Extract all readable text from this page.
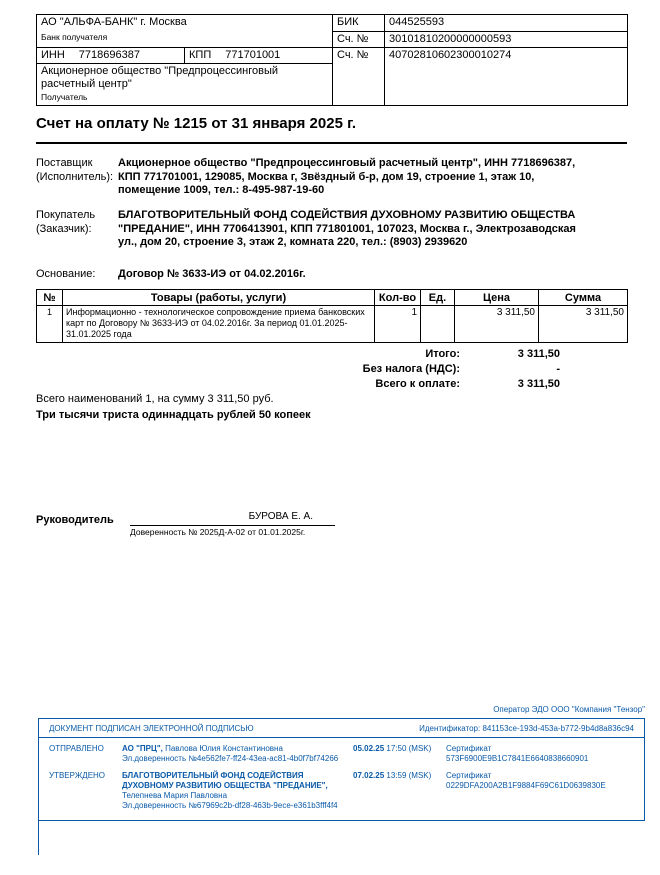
АО "АЛЬФА-БАНК" г. Москва		БИК	044525593
Банк получателя		Сч. №	30101810200000000593
ИНН 7718696387	КПП 771701001	Сч. №	40702810602300010274
Акционерное общество "Предпроцессинговый расчетный центр"			
Получатель			
Счет на оплату № 1215 от 31 января 2025 г.
Поставщик
(Исполнитель):
Акционерное общество "Предпроцессинговый расчетный центр", ИНН 7718696387, КПП 771701001, 129085, Москва г, Звёздный б-р, дом 19, строение 1, этаж 10, помещение 1009, тел.: 8-495-987-19-60
Покупатель
(Заказчик):
БЛАГОТВОРИТЕЛЬНЫЙ ФОНД СОДЕЙСТВИЯ ДУХОВНОМУ РАЗВИТИЮ ОБЩЕСТВА "ПРЕДАНИЕ", ИНН 7706413901, КПП 771801001, 107023, Москва г., Электрозаводская ул., дом 20, строение 3, этаж 2, комната 220, тел.: (8903) 2939620
Основание:	Договор № 3633-ИЭ от 04.02.2016г.
№	Товары (работы, услуги)	Кол-во	Ед.	Цена	Сумма
1	Информационно - технологическое сопровождение приема банковских карт по Договору № 3633-ИЭ от 04.02.2016г. За период 01.01.2025-31.01.2025 года	1		3 311,50	3 311,50
Итого:	3 311,50
Без налога (НДС):	-
Всего к оплате:	3 311,50
Всего наименований 1, на сумму 3 311,50 руб.
Три тысячи триста одиннадцать рублей 50 копеек
Руководитель	БУРОВА Е. А.
Доверенность № 2025Д-А-02 от 01.01.2025г.
Оператор ЭДО ООО "Компания "Тензор"
ДОКУМЕНТ ПОДПИСАН ЭЛЕКТРОННОЙ ПОДПИСЬЮ	Идентификатор: 841153ce-193d-453a-b772-9b4d8a836c94
ОТПРАВЛЕНО	АО "ПРЦ", Павлова Юлия Константиновна
Эл.доверенность №4e562fe7-ff24-43ea-ac81-4b0f7bf74266
05.02.25 17:50 (MSK)	Сертификат 573F6900E9B1C7841E6640838660901
УТВЕРЖДЕНО	БЛАГОТВОРИТЕЛЬНЫЙ ФОНД СОДЕЙСТВИЯ ДУХОВНОМУ РАЗВИТИЮ ОБЩЕСТВА "ПРЕДАНИЕ",
Телепнева Мария Павловна
Эл.доверенность №67969c2b-df28-463b-9ece-e361b3fff4f4
07.02.25 13:59 (MSK)	Сертификат 0229DFA200A2B1F9884F69C61D0639830E
